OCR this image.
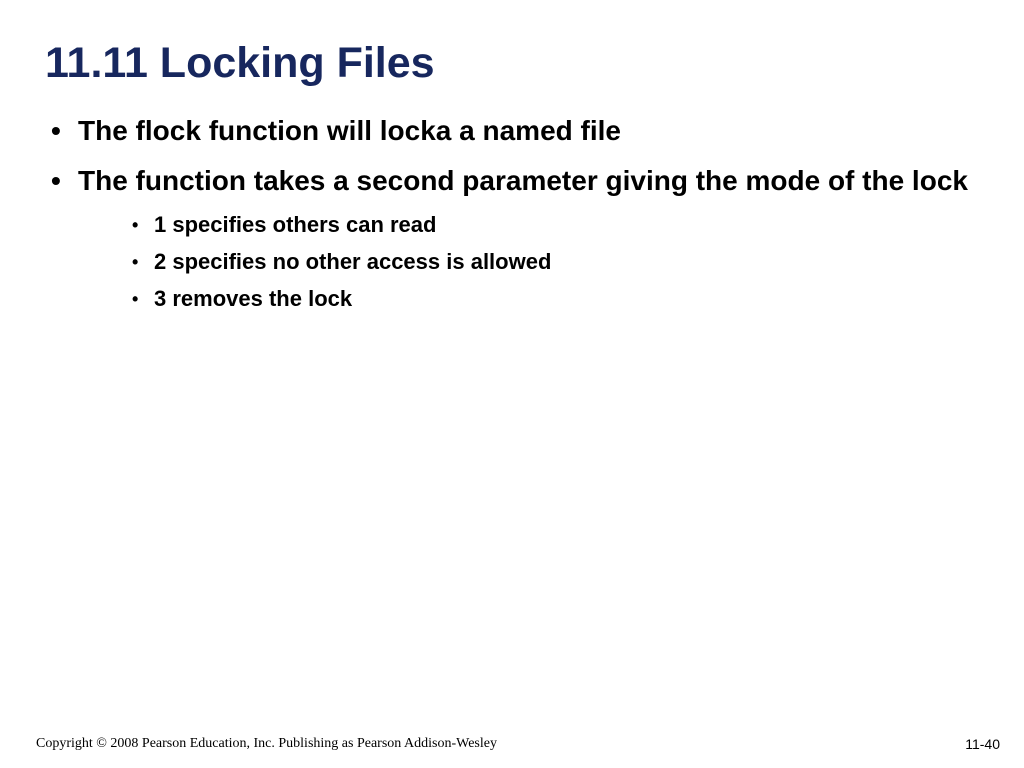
11.11 Locking Files
• The flock function will locka a named file
• The function takes a second parameter giving the mode of the lock
• 1 specifies others can read
• 2 specifies no other access is allowed
• 3 removes the lock
Copyright © 2008 Pearson Education, Inc. Publishing as Pearson Addison-Wesley	11-40
